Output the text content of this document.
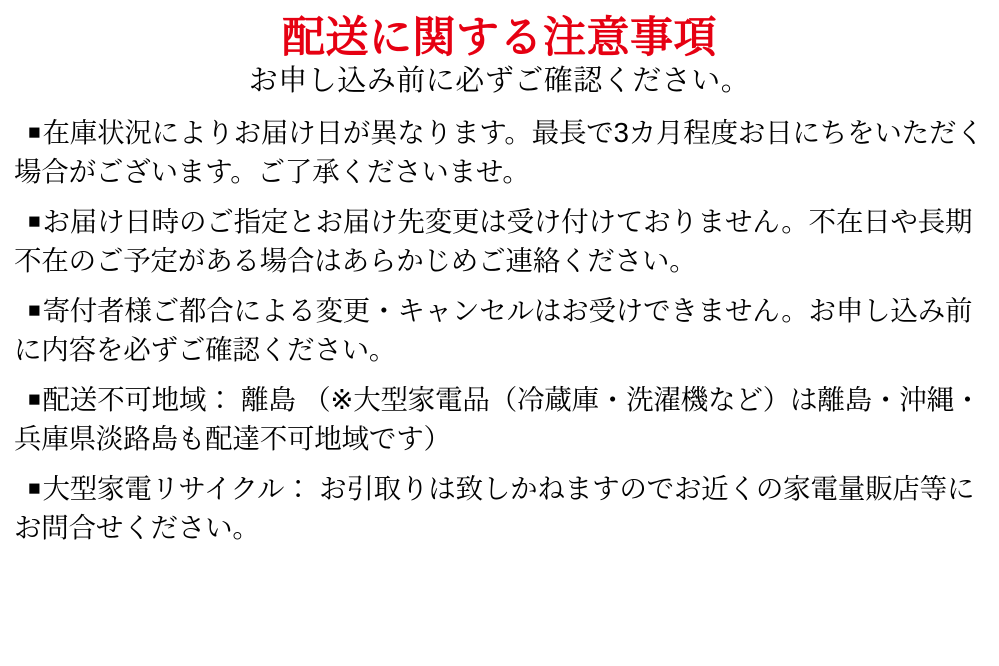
配送に関する注意事項
お申し込み前に必ずご確認ください。

■在庫状況によりお届け日が異なります。最長で3カ月程度お日にちをいただく場合がございます。ご了承くださいませ。

■お届け日時のご指定とお届け先変更は受け付けておりません。不在日や長期不在のご予定がある場合はあらかじめご連絡ください。

■寄付者様ご都合による変更・キャンセルはお受けできません。お申し込み前に内容を必ずご確認ください。

■配送不可地域： 離島 （※大型家電品（冷蔵庫・洗濯機など）は離島・沖縄・兵庫県淡路島も配達不可地域です）

■大型家電リサイクル： お引取りは致しかねますのでお近くの家電量販店等にお問合せください。
